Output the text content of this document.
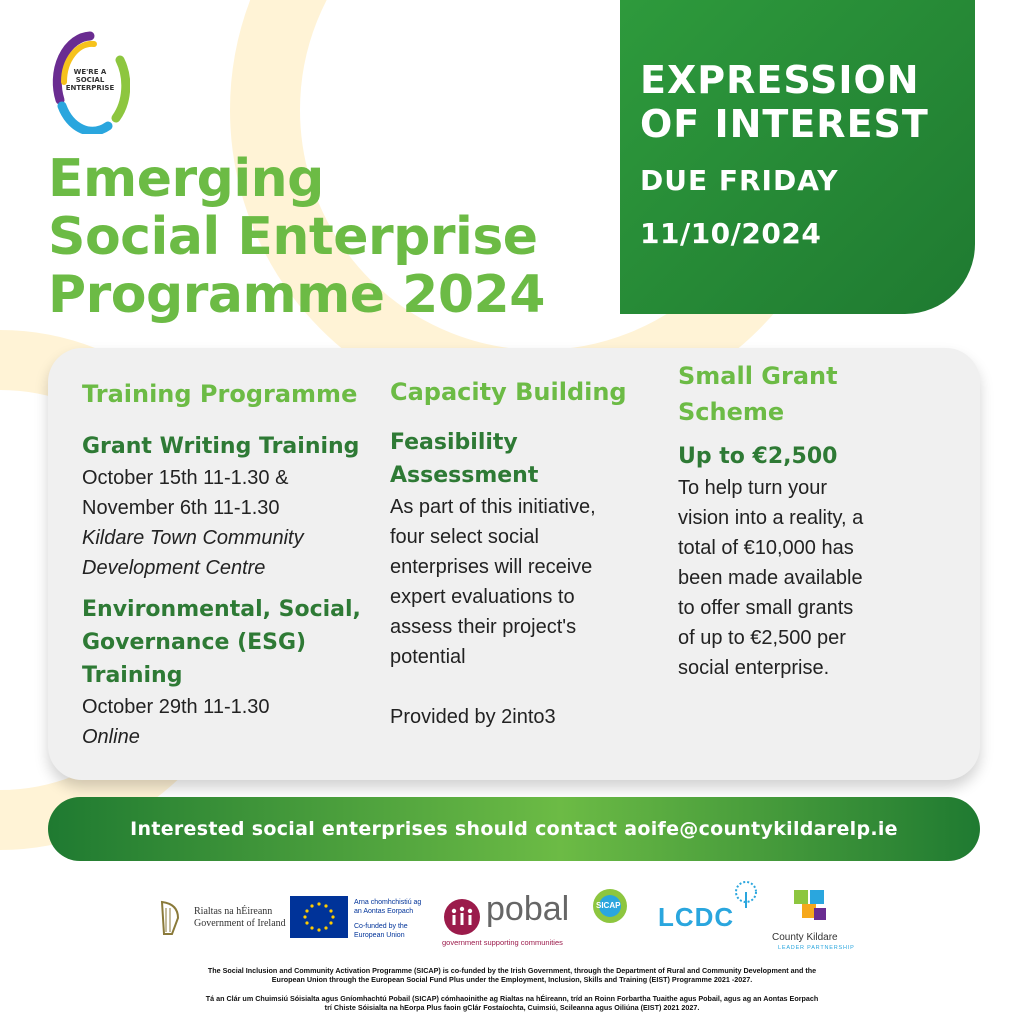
WE'RE A SOCIAL ENTERPRISE
Emerging
Social Enterprise
Programme 2024
EXPRESSION
OF INTEREST
DUE FRIDAY
11/10/2024
Training Programme
Grant Writing Training
October 15th 11-1.30 &
November 6th 11-1.30
Kildare Town Community
Development Centre
Environmental, Social,
Governance (ESG)
Training
October 29th 11-1.30
Online
Capacity Building
Feasibility
Assessment
As part of this initiative,
four select social
enterprises will receive
expert evaluations to
assess their project's
potential
Provided by 2into3
Small Grant
Scheme
Up to €2,500
To help turn your
vision into a reality, a
total of €10,000 has
been made available
to offer small grants
of up to €2,500 per
social enterprise.
Interested social enterprises should contact aoife@countykildarelp.ie
Rialtas na hÉireann
Government of Ireland
Arna chomhchistiú ag
an Aontas Eorpach
Co-funded by the
European Union
pobal
government supporting communities
SICAP LCDC
County Kildare
LEADER PARTNERSHIP
The Social Inclusion and Community Activation Programme (SICAP) is co-funded by the Irish Government, through the Department of Rural and Community Development and the
European Union through the European Social Fund Plus under the Employment, Inclusion, Skills and Training (EIST) Programme 2021 -2027.
Tá an Clár um Chuimsiú Sóisialta agus Gníomhachtú Pobail (SICAP) cómhaoinithe ag Rialtas na hÉireann, tríd an Roinn Forbartha Tuaithe agus Pobail, agus ag an Aontas Eorpach
trí Chiste Sóisialta na hEorpa Plus faoin gClár Fostaíochta, Cuimsiú, Scileanna agus Oiliúna (EIST) 2021 2027.
